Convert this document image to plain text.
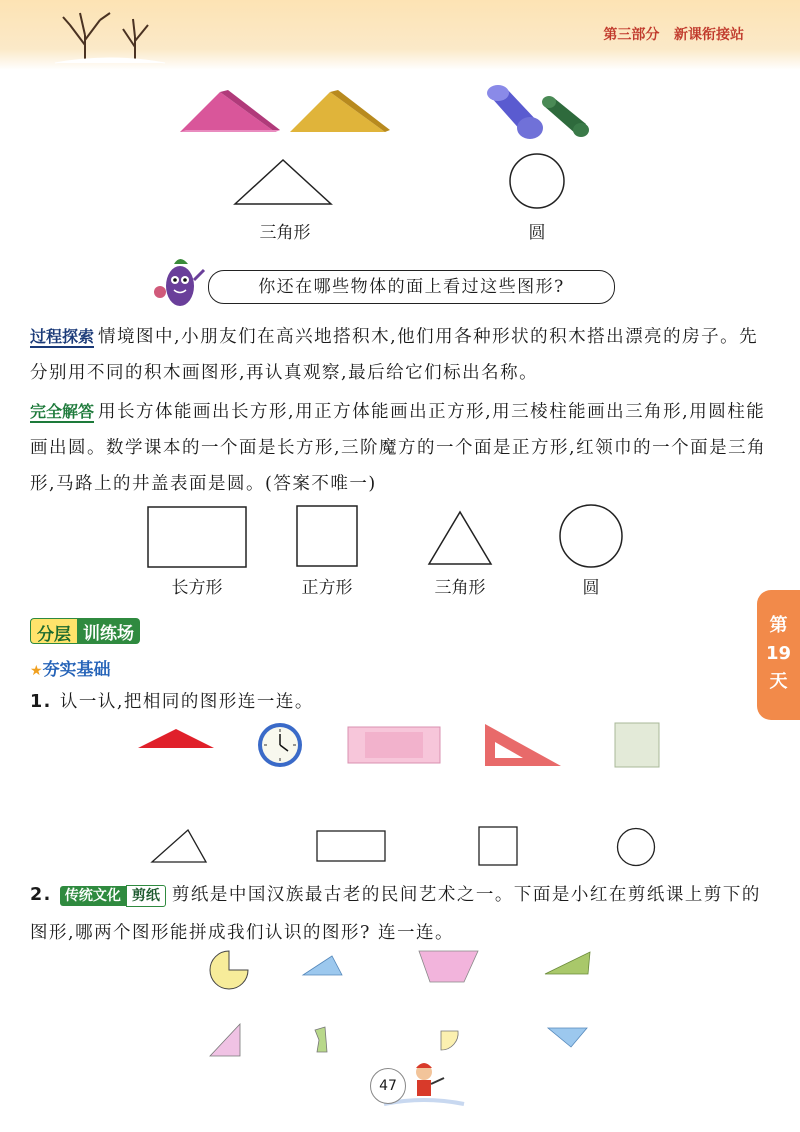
第三部分 新课衔接站
三角形	圆
你还在哪些物体的面上看过这些图形?
过程探索 情境图中,小朋友们在高兴地搭积木,他们用各种形状的积木搭出漂亮的房子。先分别用不同的积木画图形,再认真观察,最后给它们标出名称。
完全解答 用长方体能画出长方形,用正方体能画出正方形,用三棱柱能画出三角形,用圆柱能画出圆。数学课本的一个面是长方形,三阶魔方的一个面是正方形,红领巾的一个面是三角形,马路上的井盖表面是圆。(答案不唯一)
长方形	正方形	三角形	圆
第
19
天
分层 训练场
★夯实基础
1. 认一认,把相同的图形连一连。
2. 传统文化 剪纸 剪纸是中国汉族最古老的民间艺术之一。下面是小红在剪纸课上剪下的图形,哪两个图形能拼成我们认识的图形? 连一连。
47
